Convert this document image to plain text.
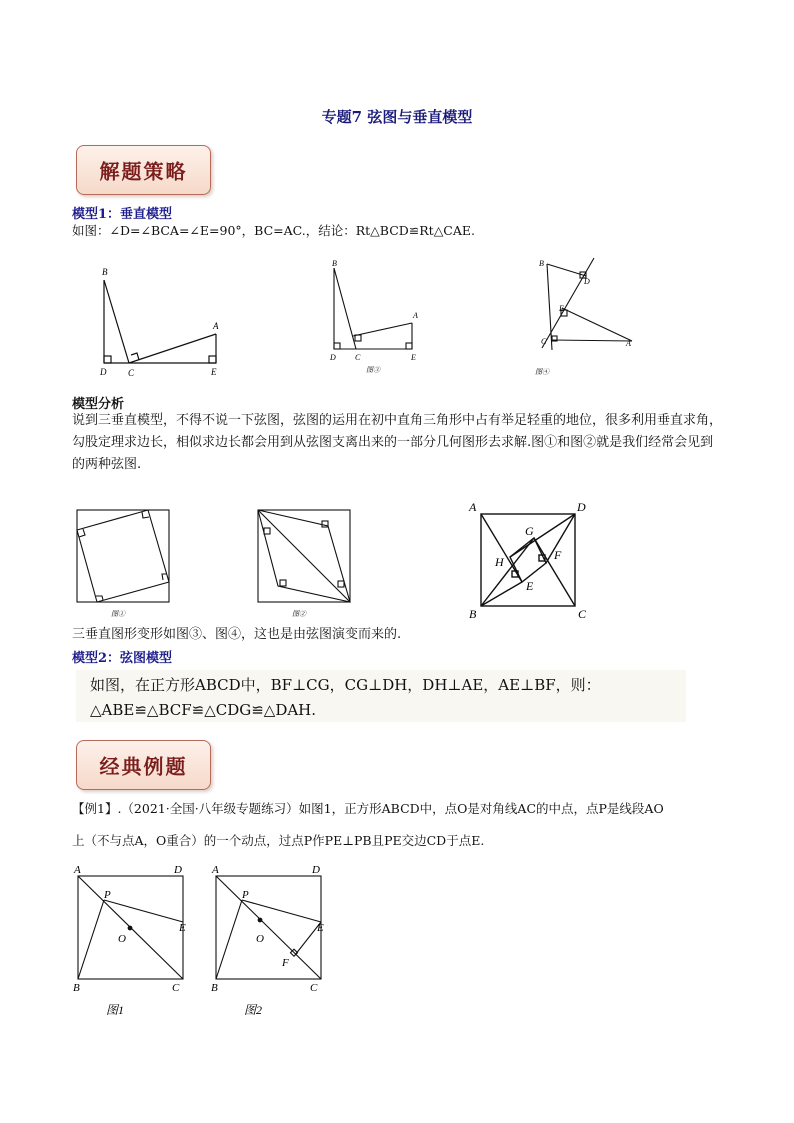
专题7 弦图与垂直模型
解题策略
模型1：垂直模型
如图：∠D=∠BCA=∠E=90°，BC=AC.，结论：Rt△BCD≌Rt△CAE.
B
A
D C	E
B
A
D C	E
图③
B
D
E
C	A
图④
模型分析
说到三垂直模型，不得不说一下弦图，弦图的运用在初中直角三角形中占有举足轻重的地位，很多利用垂直求角，勾股定理求边长，相似求边长都会用到从弦图支离出来的一部分几何图形去求解.图①和图②就是我们经常会见到的两种弦图.
图①	图②
A	D
G
F
H
E
B	C
三垂直图形变形如图③、图④，这也是由弦图演变而来的.
模型2：弦图模型
如图，在正方形ABCD中，BF⊥CG，CG⊥DH，DH⊥AE，AE⊥BF，则：
△ABE≌△BCF≌△CDG≌△DAH.
经典例题
【例1】.（2021·全国·八年级专题练习）如图1，正方形ABCD中，点O是对角线AC的中点，点P是线段AO
上（不与点A，O重合）的一个动点，过点P作PE⊥PB且PE交边CD于点E.
A	D
P
O
E
B	C
图1
A	D
P
O
E
F
B	C
图2
